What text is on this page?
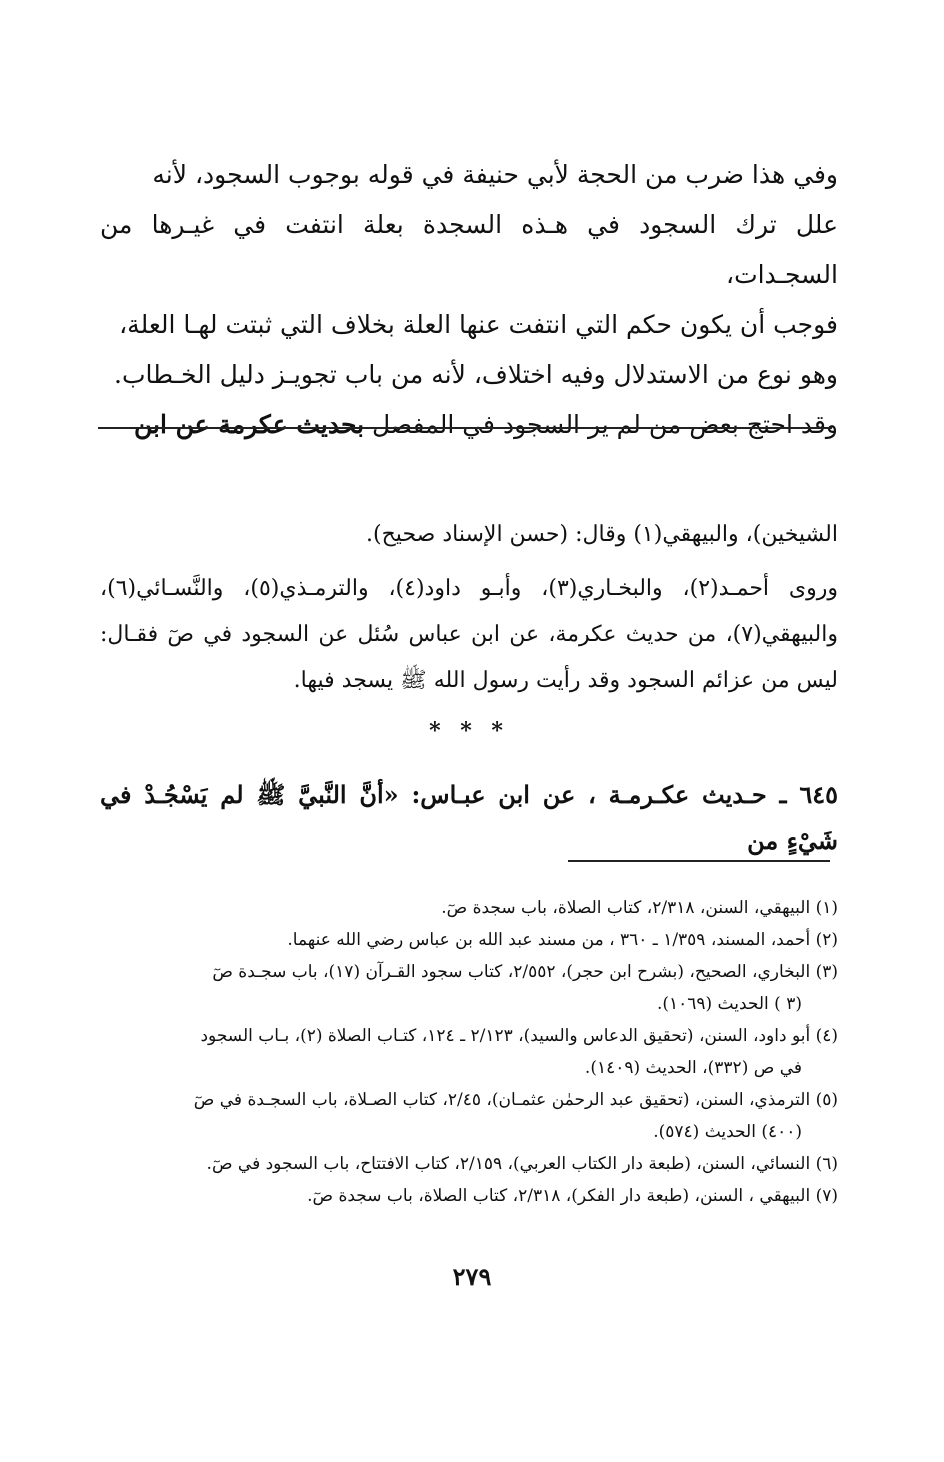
وفي هذا ضرب من الحجة لأبي حنيفة في قوله بوجوب السجود، لأنه

علل ترك السجود في هـذه السجدة بعلة انتفت في غيـرها من السجـدات،

فوجب أن يكون حكم التي انتفت عنها العلة بخلاف التي ثبتت لهـا العلة،

وهو نوع من الاستدلال وفيه اختلاف، لأنه من باب تجويـز دليل الخـطاب.

وقد احتج بعض من لم ير السجود في المفصل بحديث عكرمة عن ابن

الشيخين)، والبيهقي(١) وقال: (حسن الإسناد صحيح).

وروى أحمـد(٢)، والبخـاري(٣)، وأبـو داود(٤)، والترمـذي(٥)، والنَّسـائي(٦)، والبيهقي(٧)، من حديث عكرمة، عن ابن عباس سُئل عن السجود في صٓ فقـال: ليس من عزائم السجود وقد رأيت رسول الله ﷺ يسجد فيها.

* * *
٦٤٥ ـ حـديث عكـرمـة ، عن ابن عبـاس: «أنَّ النَّبيَّ ﷺ لم يَسْجُـدْ في شَيْءٍ من
(١) البيهقي، السنن، ٢/٣١٨، كتاب الصلاة، باب سجدة صٓ.
(٢) أحمد، المسند، ١/٣٥٩ ـ ٣٦٠ ، من مسند عبد الله بن عباس رضي الله عنهما.
(٣) البخاري، الصحيح، (بشرح ابن حجر)، ٢/٥٥٢، كتاب سجود القـرآن (١٧)، باب سجـدة صٓ
(٣ ) الحديث (١٠٦٩).
(٤) أبو داود، السنن، (تحقيق الدعاس والسيد)، ٢/١٢٣ ـ ١٢٤، كتـاب الصلاة (٢)، بـاب السجود
في ص (٣٣٢)، الحديث (١٤٠٩).
(٥) الترمذي، السنن، (تحقيق عبد الرحمٰن عثمـان)، ٢/٤٥، كتاب الصـلاة، باب السجـدة في صٓ
(٤٠٠) الحديث (٥٧٤).
(٦) النسائي، السنن، (طبعة دار الكتاب العربي)، ٢/١٥٩، كتاب الافتتاح، باب السجود في صٓ.
(٧) البيهقي ، السنن، (طبعة دار الفكر)، ٢/٣١٨، كتاب الصلاة، باب سجدة صٓ.
٢٧٩
